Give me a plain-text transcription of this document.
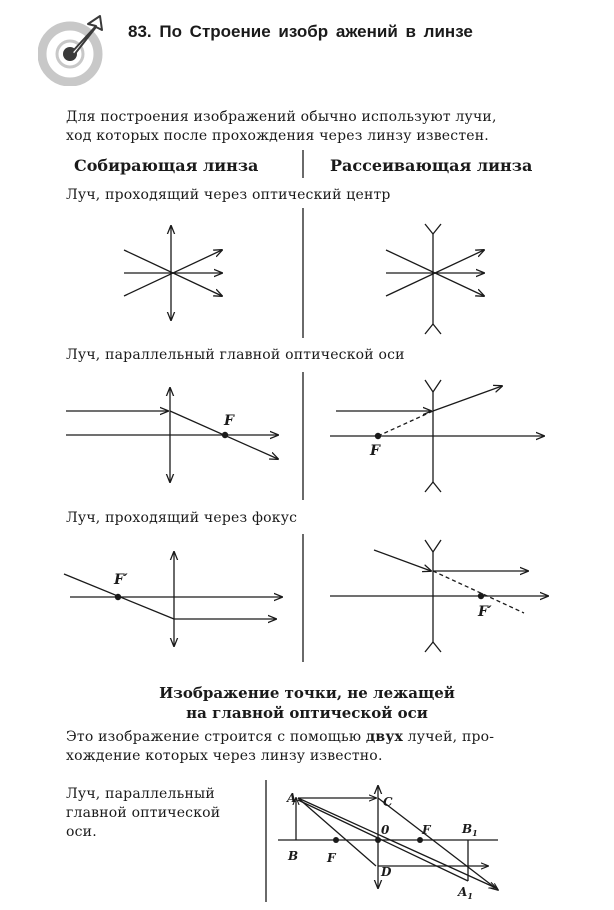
83. По Строение изобр ажений в линзе
Для построения изображений обычно используют лучи,
ход которых после прохождения через линзу известен.
Собирающая линза	Рассеивающая линза
Луч, проходящий через оптический центр
Луч, параллельный главной оптической оси
Луч, проходящий через фокус
F
F
F′
F′
A
B
C
D
0
F
F	$B_1$
$A_1$
Изображение точки, не лежащей
на главной оптической оси
Это изображение строится с помощью двух лучей, про-
хождение которых через линзу известно.
Луч, параллельный
главной оптической
оси.
